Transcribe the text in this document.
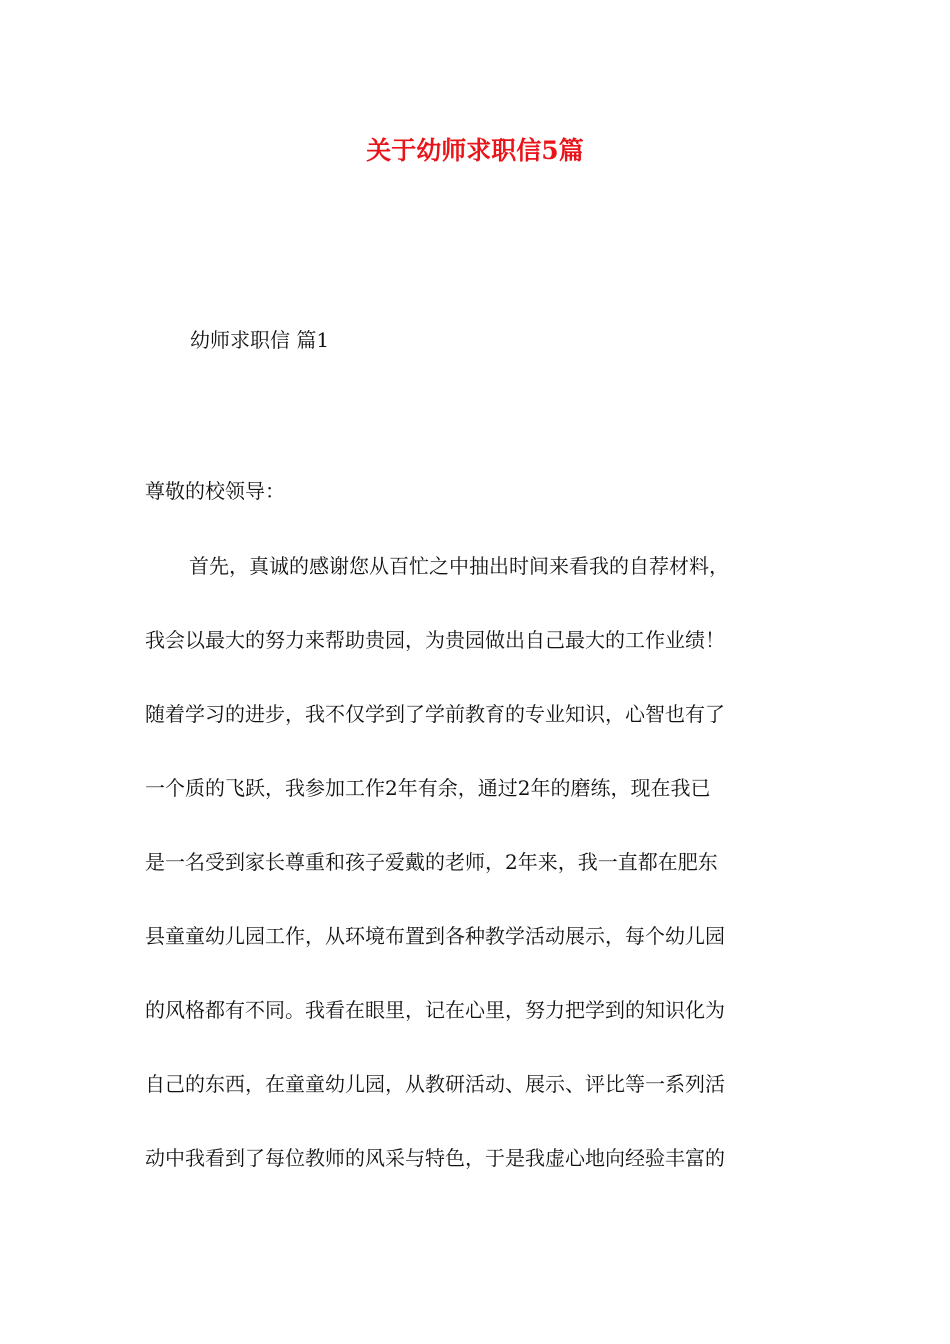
关于幼师求职信5篇
幼师求职信 篇1

尊敬的校领导：

首先，真诚的感谢您从百忙之中抽出时间来看我的自荐材料，
我会以最大的努力来帮助贵园，为贵园做出自己最大的工作业绩！
随着学习的进步，我不仅学到了学前教育的专业知识，心智也有了
一个质的飞跃，我参加工作2年有余，通过2年的磨练，现在我已
是一名受到家长尊重和孩子爱戴的老师，2年来，我一直都在肥东
县童童幼儿园工作，从环境布置到各种教学活动展示，每个幼儿园
的风格都有不同。我看在眼里，记在心里，努力把学到的知识化为
自己的东西，在童童幼儿园，从教研活动、展示、评比等一系列活
动中我看到了每位教师的风采与特色，于是我虚心地向经验丰富的
